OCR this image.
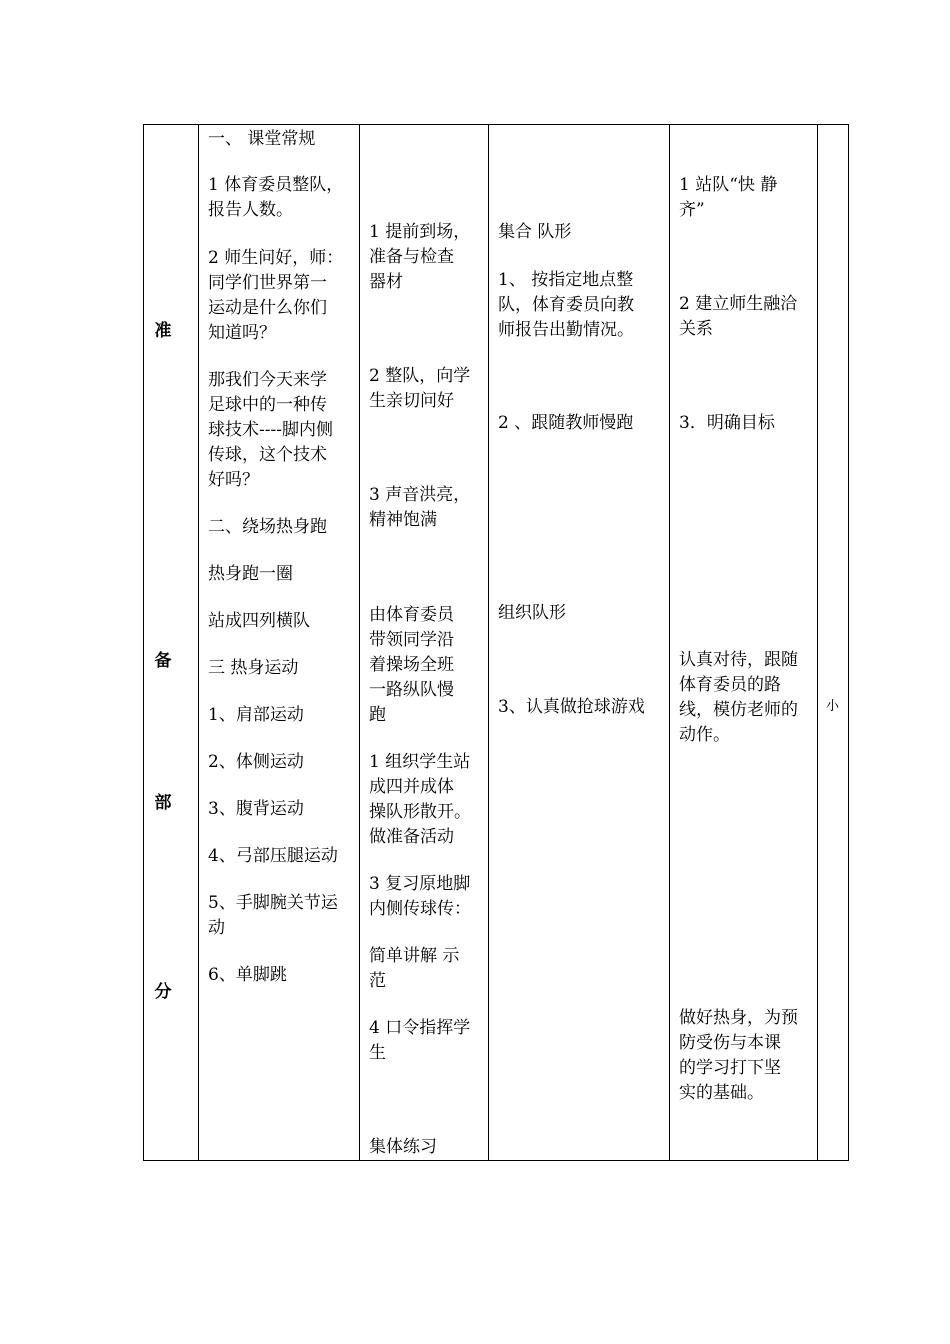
准
备
部
分
一、 课堂常规
1 体育委员整队，
报告人数。
2 师生问好，师：
同学们世界第一
运动是什么你们
知道吗？
那我们今天来学
足球中的一种传
球技术----脚内侧
传球，这个技术
好吗？
二、绕场热身跑
热身跑一圈
站成四列横队
三 热身运动
1、肩部运动
2、体侧运动
3、腹背运动
4、弓部压腿运动
5、手脚腕关节运
动
6、单脚跳
1 提前到场，
准备与检查
器材
2 整队，向学
生亲切问好
3 声音洪亮，
精神饱满
由体育委员
带领同学沿
着操场全班
一路纵队慢
跑
1 组织学生站
成四并成体
操队形散开。
做准备活动
3 复习原地脚
内侧传球传：
简单讲解 示
范
4 口令指挥学
生
集体练习
集合 队形
1、 按指定地点整
队，体育委员向教
师报告出勤情况。
2 、跟随教师慢跑
组织队形
3、认真做抢球游戏
1 站队“快 静
齐”
2 建立师生融洽
关系
3．明确目标
认真对待，跟随
体育委员的路
线，模仿老师的
动作。
做好热身，为预
防受伤与本课
的学习打下坚
实的基础。
小
